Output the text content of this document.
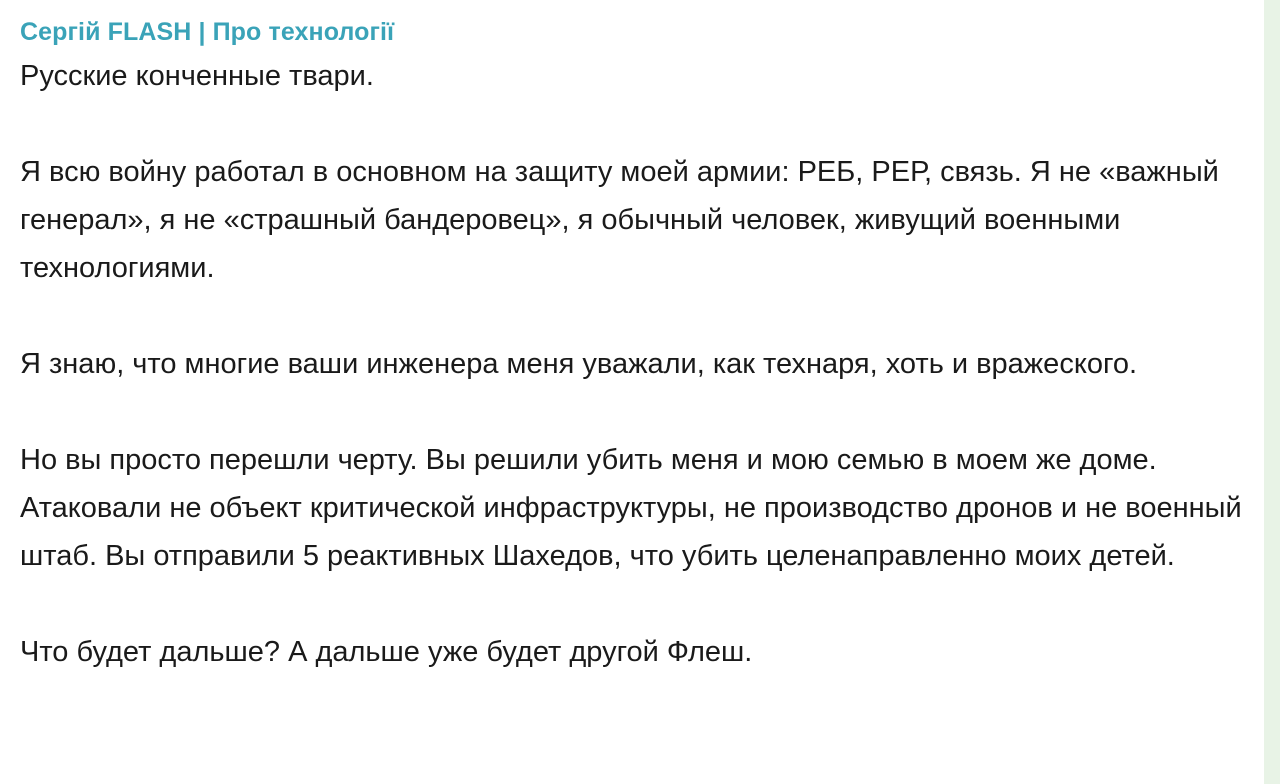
Сергій FLASH | Про технології

Русские конченные твари.

Я всю войну работал в основном на защиту моей армии: РЕБ, РЕР, связь. Я не «важный генерал», я не «страшный бандеровец», я обычный человек, живущий военными технологиями.

Я знаю, что многие ваши инженера меня уважали, как технаря, хоть и вражеского.

Но вы просто перешли черту. Вы решили убить меня и мою семью в моем же доме. Атаковали не объект критической инфраструктуры, не производство дронов и не военный штаб. Вы отправили 5 реактивных Шахедов, что убить целенаправленно моих детей.

Что будет дальше? А дальше уже будет другой Флеш.
